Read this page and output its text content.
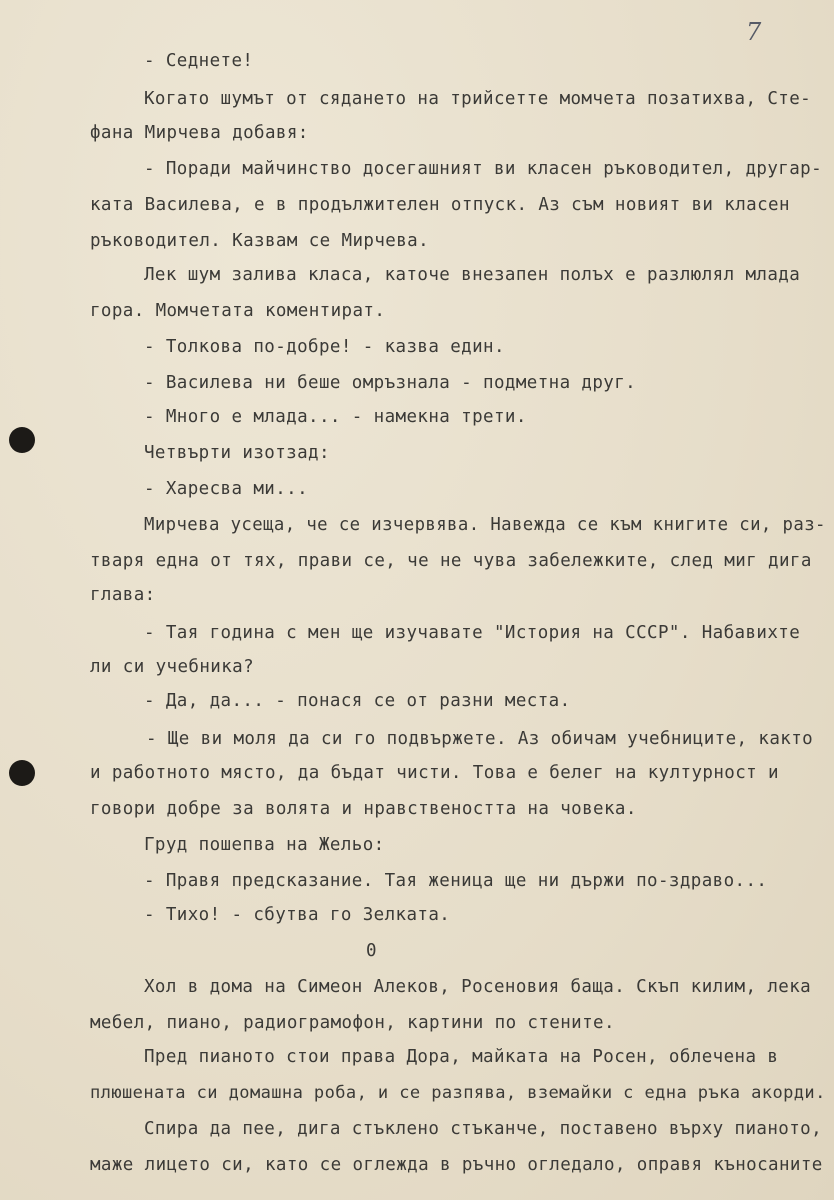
7
- Седнете!
Когато шумът от сядането на трийсетте момчета позатихва, Сте-
фана Мирчева добавя:
- Поради майчинство досегашният ви класен ръководител, другар-
ката Василева, е в продължителен отпуск. Аз съм новият ви класен
ръководител. Казвам се Мирчева.
Лек шум залива класа, каточе внезапен полъх е разлюлял млада
гора. Момчетата коментират.
- Толкова по-добре! - казва един.
- Василева ни беше омръзнала - подметна друг.
- Много е млада... - намекна трети.
Четвърти изотзад:
- Харесва ми...
Мирчева усеща, че се изчервява. Навежда се към книгите си, раз-
тваря една от тях, прави се, че не чува забележките, след миг дига
глава:
- Тая година с мен ще изучавате "История на СССР". Набавихте
ли си учебника?
- Да, да... - понася се от разни места.
- Ще ви моля да си го подвържете. Аз обичам учебниците, както
и работното място, да бъдат чисти. Това е белег на културност и
говори добре за волята и нравствеността на човека.
Груд пошепва на Жельо:
- Правя предсказание. Тая женица ще ни държи по-здраво...
- Тихо! - сбутва го Зелката.
0
Хол в дома на Симеон Алеков, Росеновия баща. Скъп килим, лека
мебел, пиано, радиограмофон, картини по стените.
Пред пианото стои права Дора, майката на Росен, облечена в
плюшената си домашна роба, и се разпява, вземайки с една ръка акорди.
Спира да пее, дига стъклено стъканче, поставено върху пианото,
маже лицето си, като се оглежда в ръчно огледало, оправя къносаните
